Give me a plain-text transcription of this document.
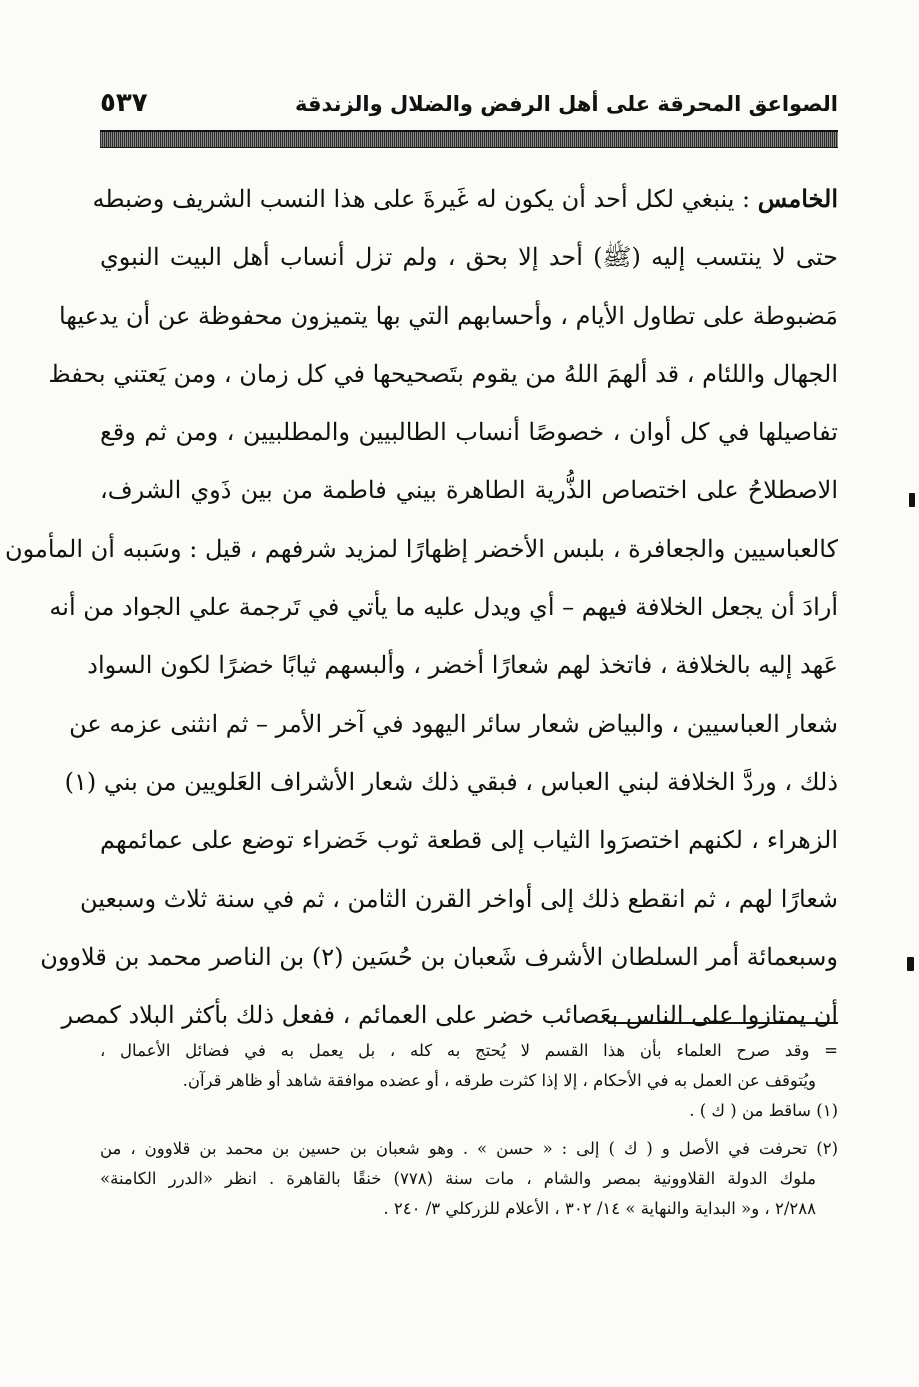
الصواعق المحرقة على أهل الرفض والضلال والزندقة
٥٣٧
الخامس : ينبغي لكل أحد أن يكون له غَيرةَ على هذا النسب الشريف وضبطه
حتى لا ينتسب إليه (ﷺ) أحد إلا بحق ، ولم تزل أنساب أهل البيت النبوي
مَضبوطة على تطاول الأيام ، وأحسابهم التي بها يتميزون محفوظة عن أن يدعيها
الجهال واللئام ، قد ألهمَ اللهُ من يقوم بتَصحيحها في كل زمان ، ومن يَعتني بحفظ
تفاصيلها في كل أوان ، خصوصًا أنساب الطالبيين والمطلبيين ، ومن ثم وقع
الاصطلاحُ على اختصاص الذُّرية الطاهرة بيني فاطمة من بين ذَوي الشرف،
كالعباسيين والجعافرة ، بلبس الأخضر إظهارًا لمزيد شرفهم ، قيل : وسَببه أن المأمون
أرادَ أن يجعل الخلافة فيهم – أي ويدل عليه ما يأتي في تَرجمة علي الجواد من أنه
عَهد إليه بالخلافة ، فاتخذ لهم شعارًا أخضر ، وألبسهم ثيابًا خضرًا لكون السواد
شعار العباسيين ، والبياض شعار سائر اليهود في آخر الأمر – ثم انثنى عزمه عن
ذلك ، وردَّ الخلافة لبني العباس ، فبقي ذلك شعار الأشراف العَلويين من بني (١)
الزهراء ، لكنهم اختصرَوا الثياب إلى قطعة ثوب خَضراء توضع على عمائمهم
شعارًا لهم ، ثم انقطع ذلك إلى أواخر القرن الثامن ، ثم في سنة ثلاث وسبعين
وسبعمائة أمر السلطان الأشرف شَعبان بن حُسَين (٢) بن الناصر محمد بن قلاوون
أن يمتازوا على الناس بعَصائب خضر على العمائم ، ففعل ذلك بأكثر البلاد كمصر
= وقد صرح العلماء بأن هذا القسم لا يُحتج به كله ، بل يعمل به في فضائل الأعمال ،
ويُتوقف عن العمل به في الأحكام ، إلا إذا كثرت طرقه ، أو عضده موافقة شاهد أو ظاهر قرآن.
(١) ساقط من ( ك ) .
(٢) تحرفت في الأصل و ( ك ) إلى : « حسن » . وهو شعبان بن حسين بن محمد بن قلاوون ، من
ملوك الدولة القلاوونية بمصر والشام ، مات سنة (٧٧٨) خنقًا بالقاهرة . انظر «الدرر الكامنة»
٢/٢٨٨ ، و« البداية والنهاية » ١٤/ ٣٠٢ ، الأعلام للزركلي ٣/ ٢٤٠ .
